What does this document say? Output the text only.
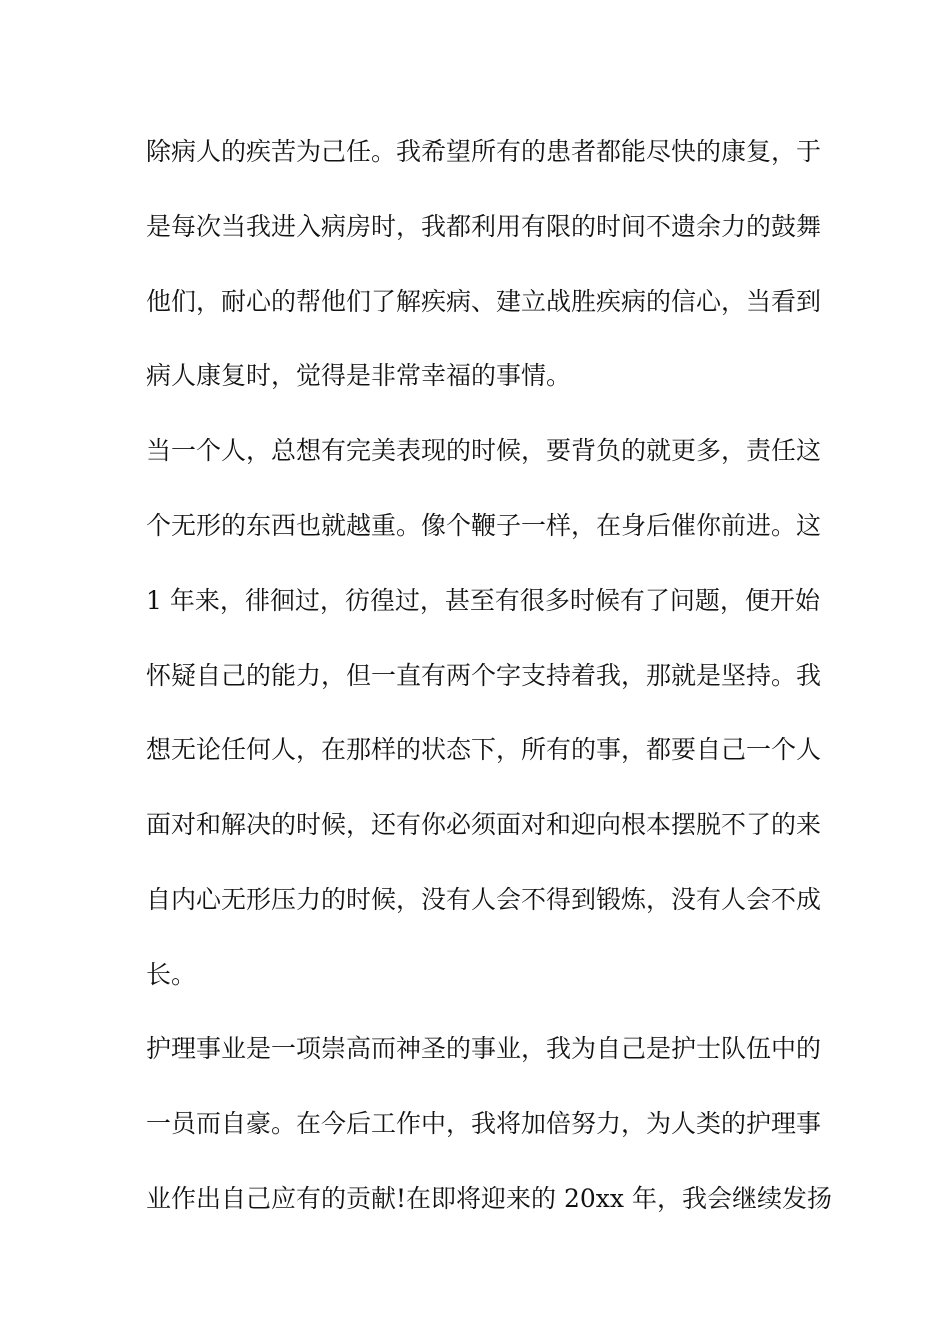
除病人的疾苦为己任。我希望所有的患者都能尽快的康复，于
是每次当我进入病房时，我都利用有限的时间不遗余力的鼓舞
他们，耐心的帮他们了解疾病、建立战胜疾病的信心，当看到
病人康复时，觉得是非常幸福的事情。
当一个人，总想有完美表现的时候，要背负的就更多，责任这
个无形的东西也就越重。像个鞭子一样，在身后催你前进。这
1 年来，徘徊过，彷徨过，甚至有很多时候有了问题，便开始
怀疑自己的能力，但一直有两个字支持着我，那就是坚持。我
想无论任何人，在那样的状态下，所有的事，都要自己一个人
面对和解决的时候，还有你必须面对和迎向根本摆脱不了的来
自内心无形压力的时候，没有人会不得到锻炼，没有人会不成
长。
护理事业是一项崇高而神圣的事业，我为自己是护士队伍中的
一员而自豪。在今后工作中，我将加倍努力，为人类的护理事
业作出自己应有的贡献!在即将迎来的 20xx 年，我会继续发扬
